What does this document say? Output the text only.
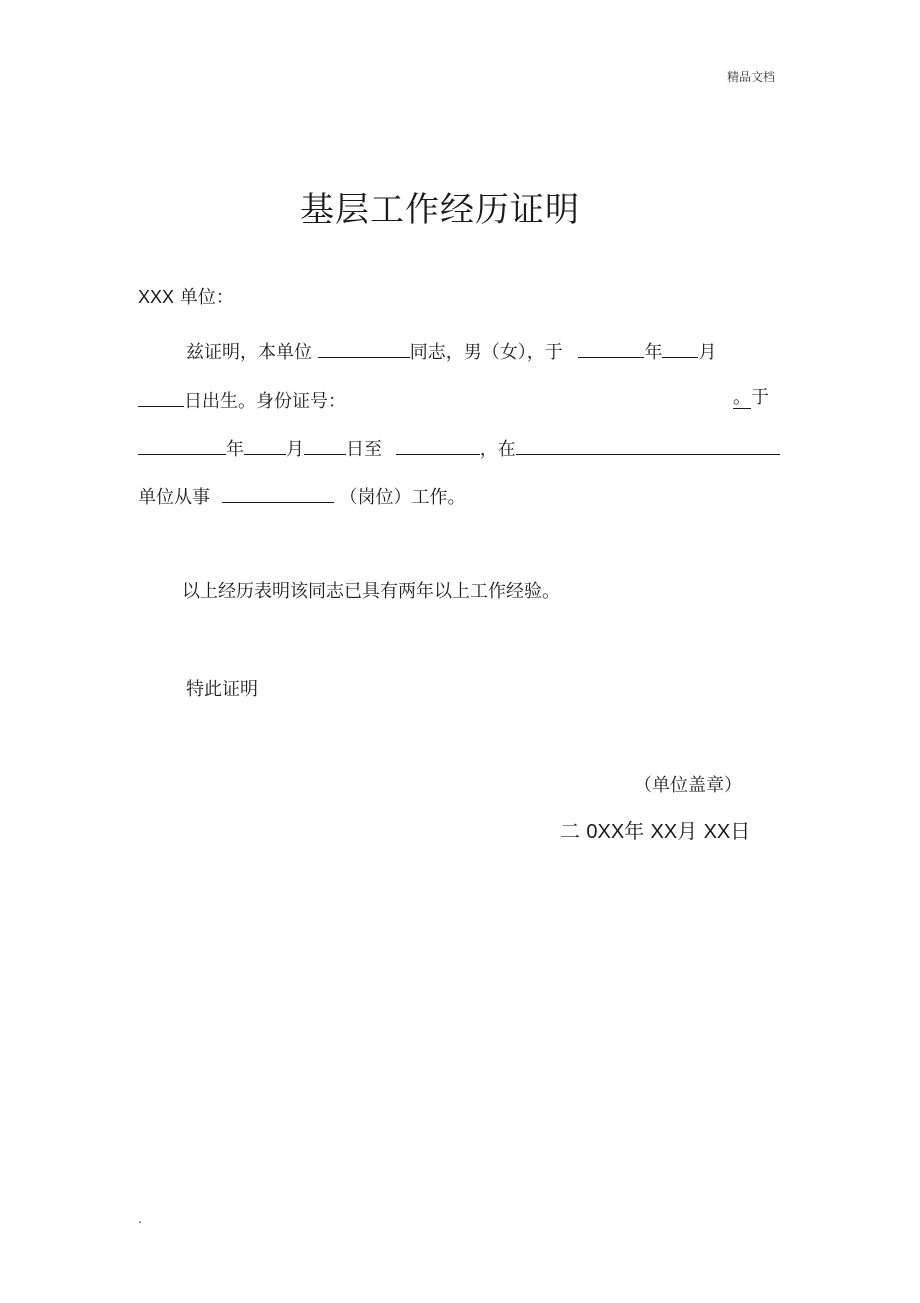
精品文档
基层工作经历证明
XXX 单位：
兹证明，本单位	同志，男（女），于	年 月
日出生。身份证号：	。于
年 月 日至	，在
单位从事	（岗位）工作。
以上经历表明该同志已具有两年以上工作经验。
特此证明
（单位盖章）
二 0XX年 XX月 XX日
.
